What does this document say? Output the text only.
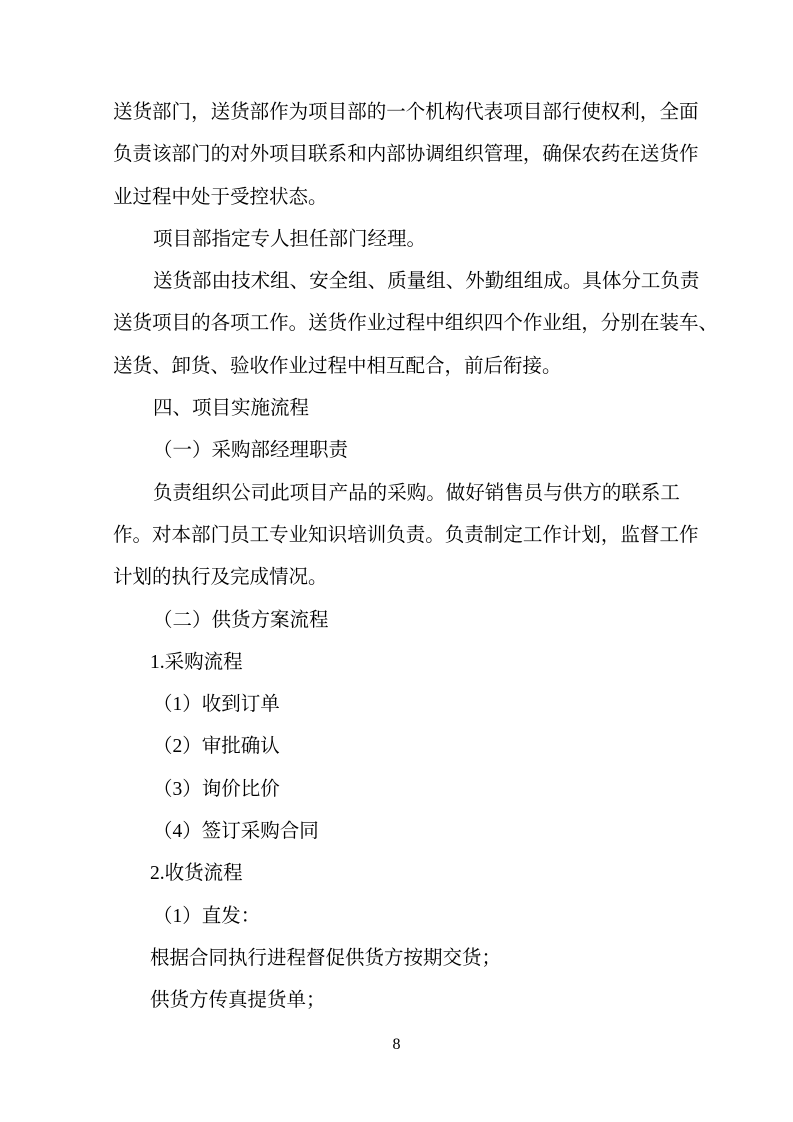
送 货 部 门 ， 送 货 部 作 为 项 目 部 的 一 个 机 构 代 表 项 目 部 行 使 权 利 ， 全 面
负 责 该 部 门 的 对 外 项 目 联 系 和 内 部 协 调 组 织 管 理 ， 确 保 农 药 在 送 货 作
业过程中处于受控状态。
项目部指定专人担任部门经理。
送 货 部 由 技 术 组 、 安 全 组 、 质 量 组 、 外 勤 组 组 成 。 具 体 分 工 负 责
送 货 项 目 的 各 项 工 作 。 送 货 作 业 过 程 中 组 织 四 个 作 业 组 ， 分 别 在 装 车 、
送货、卸货、验收作业过程中相互配合，前后衔接。
四、项目实施流程
（一）采购部经理职责
负 责 组 织 公 司 此 项 目 产 品 的 采 购 。 做 好 销 售 员 与 供 方 的 联 系 工
作 。 对 本 部 门 员 工 专 业 知 识 培 训 负 责 。 负 责 制 定 工 作 计 划 ， 监 督 工 作
计划的执行及完成情况。
（二）供货方案流程
1.采购流程
（1）收到订单
（2）审批确认
（3）询价比价
（4）签订采购合同
2.收货流程
（1）直发：
根据合同执行进程督促供货方按期交货；
供货方传真提货单；
8
